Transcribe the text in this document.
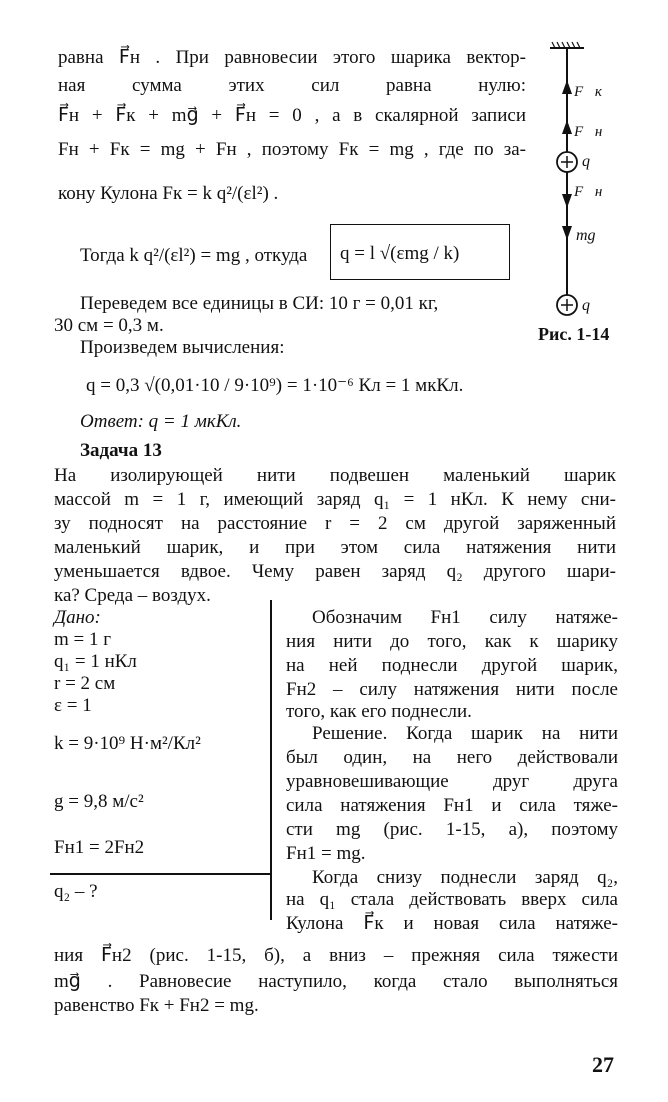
равна F⃗н . При равновесии этого шарика вектор-
ная сумма этих сил равна нулю:
F⃗н + F⃗к + mg⃗ + F⃗н = 0 , а в скалярной записи
Fн + Fк = mg + Fн , поэтому Fк = mg , где по за-
кону Кулона Fк = k q²/(εl²) .
Тогда k q²/(εl²) = mg , откуда q = l √(εmg / k)
Переведем все единицы в СИ: 10 г = 0,01 кг,
30 см = 0,3 м.
Произведем вычисления:
q = 0,3 √(0,01·10 / 9·10⁹) = 1·10⁻⁶ Кл = 1 мкКл.
Ответ: q = 1 мкКл.
F⃗к
F⃗н
q
F⃗н
mg⃗
q
Рис. 1-14
Задача 13
На изолирующей нити подвешен маленький шарик
массой m = 1 г, имеющий заряд q₁ = 1 нКл. К нему сни-
зу подносят на расстояние r = 2 см другой заряженный
маленький шарик, и при этом сила натяжения нити
уменьшается вдвое. Чему равен заряд q₂ другого шари-
ка? Среда – воздух.
Дано:
m = 1 г
q₁ = 1 нКл
r = 2 см
ε = 1
k = 9·10⁹ Н·м²/Кл²
g = 9,8 м/с²
Fн1 = 2Fн2
q₂ – ?
Обозначим Fн1 силу натяже-
ния нити до того, как к шарику
на ней поднесли другой шарик,
Fн2 – силу натяжения нити после
того, как его поднесли.
Решение. Когда шарик на нити
был один, на него действовали
уравновешивающие друг друга
сила натяжения Fн1 и сила тяже-
сти mg (рис. 1-15, а), поэтому
Fн1 = mg.
Когда снизу поднесли заряд q₂,
на q₁ стала действовать вверх сила
Кулона F⃗к и новая сила натяже-
ния F⃗н2 (рис. 1-15, б), а вниз – прежняя сила тяжести
mg⃗ . Равновесие наступило, когда стало выполняться
равенство Fк + Fн2 = mg.
27
